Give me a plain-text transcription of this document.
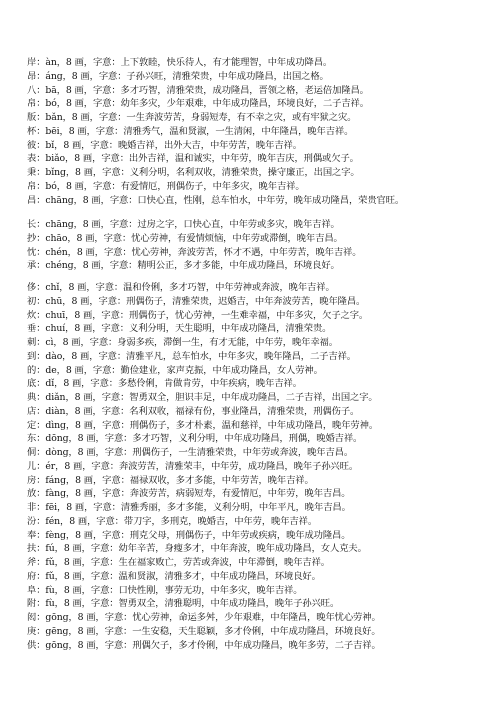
岸：àn，8 画，字意：上下敦睦，快乐待人，有才能理智，中年成功降昌。
昂：áng，8 画，字意：子孙兴旺，清雅荣贵，中年成功隆昌，出国之格。
八：bā，8 画，字意：多才巧智，清雅荣贵，成功隆昌，晋领之格，老运倍加隆昌。
帛：bó，8 画，字意：幼年多灾，少年艰难，中年成功隆昌，环境良好，二子吉祥。
版：bǎn，8 画，字意：一生奔波劳苦，身弱短寿，有不幸之灾，或有牢狱之灾。
杯：bēi，8 画，字意：清雅秀气，温和贤淑，一生清闲，中年隆昌，晚年吉祥。
彼：bǐ，8 画，字意：晚婚吉祥，出外大吉，中年劳苦，晚年吉祥。
表：biǎo，8 画，字意：出外吉祥，温和诚实，中年劳，晚年吉庆，刑偶或欠子。
秉：bǐng，8 画，字意：义利分明，名利双收，清雅荣贵，操守廉正，出国之字。
帛：bó，8 画，字意：有爱情厄，刑偶伤子，中年多灾，晚年吉祥。
昌：chāng，8 画，字意：口快心直，性刚，总车怕水，中年劳，晚年成功隆昌，荣贵官旺。
长：chāng，8 画，字意：过房之字，口快心直，中年劳或多灾，晚年吉祥。
抄：chāo，8 画，字意：忧心劳神，有爱情烦恼，中年劳或滞倒，晚年吉昌。
忱：chén，8 画，字意：忧心劳神，奔波劳苦，怀才不遇，中年劳苦，晚年吉祥。
承：chéng，8 画，字意：精明公正，多才多能，中年成功隆昌，环境良好。
侈：chǐ，8 画，字意：温和伶俐，多才巧智，中年劳神或奔波，晚年吉祥。
初：chū，8 画，字意：刑偶伤子，清雅荣贵，迟婚吉，中年奔波劳苦，晚年隆昌。
炊：chuī，8 画，字意：刑偶伤子，忧心劳神，一生难幸福，中年多灾，欠子之字。
垂：chuí，8 画，字意：义利分明，天生聪明，中年成功隆昌，清雅荣贵。
刺：cì，8 画，字意：身弱多疾，滞倒一生，有才无能，中年劳，晚年幸福。
到：dào，8 画，字意：清雅平凡，总车怕水，中年多灾，晚年隆昌，二子吉祥。
的：de，8 画，字意：勤俭建业，家声克振，中年成功隆昌，女人劳神。
底：dǐ，8 画，字意：多愁伶俐，肯做肯劳，中年疾病，晚年吉祥。
典：diǎn，8 画，字意：智勇双全，胆识丰足，中年成功隆昌，二子吉祥，出国之字。
店：diàn，8 画，字意：名利双收，福禄有份，事业隆昌，清雅荣贵，刑偶伤子。
定：dìng，8 画，字意：刑偶伤子，多才朴素，温和慈祥，中年成功隆昌，晚年劳神。
东：dōng，8 画，字意：多才巧智，义利分明，中年成功隆昌，刑偶，晚婚吉祥。
侗：dòng，8 画，字意：刑偶伤子，一生清雅荣贵，中年劳或奔波，晚年吉昌。
儿：ér，8 画，字意：奔波劳苦，清雅荣丰，中年劳，成功隆昌，晚年子孙兴旺。
房：fáng，8 画，字意：福禄双收，多才多能，中年劳苦，晚年吉祥。
放：fàng，8 画，字意：奔波劳苦，病弱短寿，有爱情厄，中年劳，晚年吉昌。
非：fēi，8 画，字意：清雅秀丽，多才多能，义利分明，中年平凡，晚年吉昌。
汾：fén，8 画，字意：带刀字，多刑克，晚婚吉，中年劳，晚年吉祥。
奉：fèng，8 画，字意：刑克父母，刑偶伤子，中年劳或疾病，晚年成功隆昌。
扶：fú，8 画，字意：幼年辛苦，身瘦多才，中年奔波，晚年成功隆昌，女人克夫。
斧：fǔ，8 画，字意：生在福家败亡，劳苦或奔波，中年滞倒，晚年吉祥。
府：fǔ，8 画，字意：温和贤淑，清雅多才，中年成功隆昌，环境良好。
阜：fù，8 画，字意：口快性刚，事劳无功，中年多灾，晚年吉祥。
附：fù，8 画，字意：智勇双全，清雅聪明，中年成功隆昌，晚年子孙兴旺。
闳：gōng，8 画，字意：忧心劳神，命运多舛，少年艰难，中年隆昌，晚年忧心劳神。
庚：gēng，8 画，字意：一生安稳，天生聪颖，多才伶俐，中年成功隆昌，环境良好。
供：gōng，8 画，字意：刑偶欠子，多才伶俐，中年成功隆昌，晚年多劳，二子吉祥。
